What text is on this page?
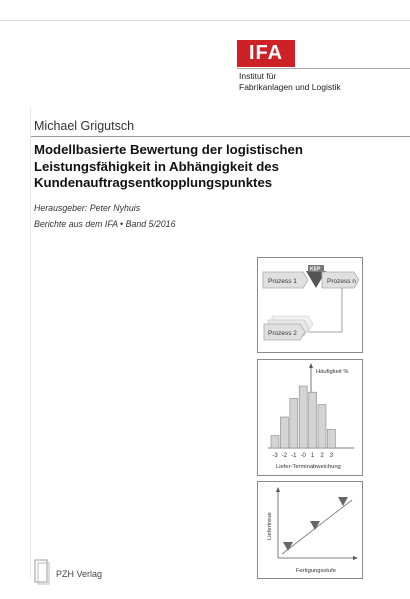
IFA
Institut für
Fabrikanlagen und Logistik
Michael Grigutsch
Modellbasierte Bewertung der logistischen
Leistungsfähigkeit in Abhängigkeit des
Kundenauftragsentkopplungspunktes
Herausgeber: Peter Nyhuis
Berichte aus dem IFA • Band 5/2016
Prozess 1
KEP
Prozess n
Prozess 2
Häufigkeit %
-3 -2 -1 -0 1 2 3
Liefer-Terminabweichung
Liefertreue
Fertigungsstufe
PZH Verlag
